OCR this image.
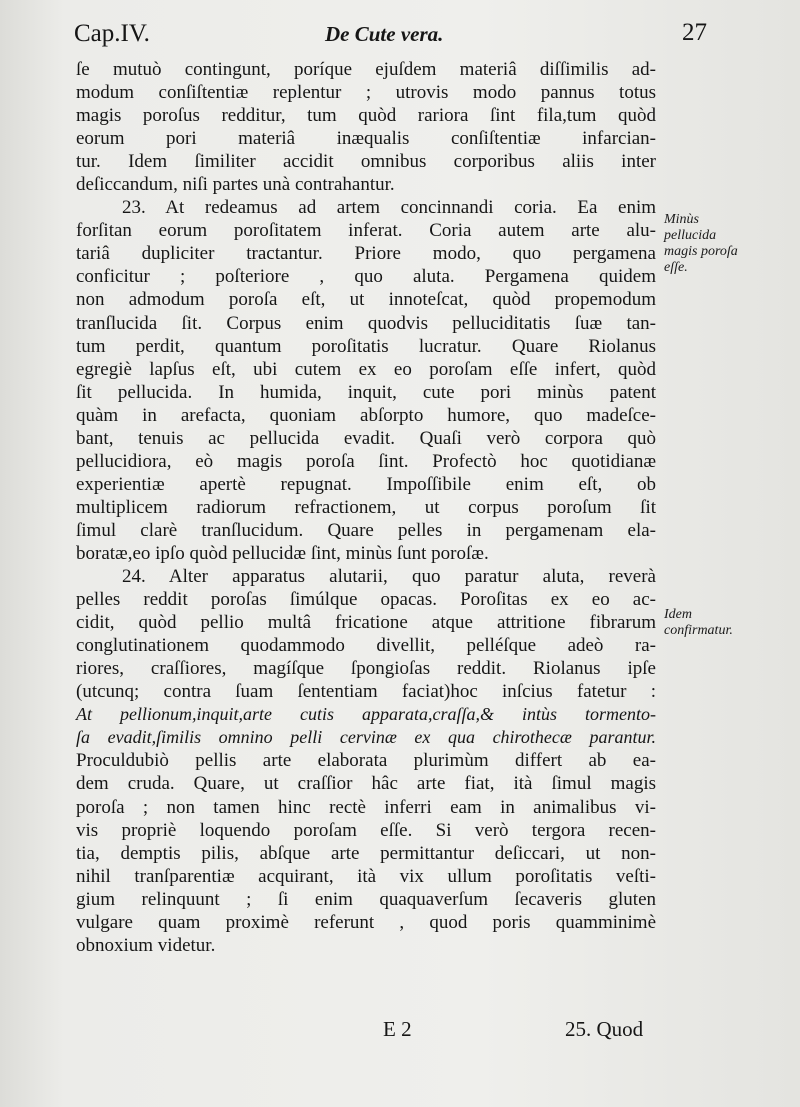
Cap.IV.	De Cute vera.	27
ſe mutuò contingunt, poríque ejuſdem materiâ diſſimilis ad-
modum conſiſtentiæ replentur ; utrovis modo pannus totus
magis poroſus redditur, tum quòd rariora ſint fila,tum quòd
eorum pori materiâ inæqualis conſiſtentiæ infarcian-
tur. Idem ſimiliter accidit omnibus corporibus aliis inter
deſiccandum, niſi partes unà contrahantur.
23. At redeamus ad artem concinnandi coria. Ea enim
forſitan eorum poroſitatem inferat. Coria autem arte alu-
tariâ dupliciter tractantur. Priore modo, quo pergamena
conficitur ; poſteriore , quo aluta. Pergamena quidem
non admodum poroſa eſt, ut innoteſcat, quòd propemodum
tranſlucida ſit. Corpus enim quodvis pelluciditatis ſuæ tan-
tum perdit, quantum poroſitatis lucratur. Quare Riolanus
egregiè lapſus eſt, ubi cutem ex eo poroſam eſſe infert, quòd
ſit pellucida. In humida, inquit, cute pori minùs patent
quàm in arefacta, quoniam abſorpto humore, quo madeſce-
bant, tenuis ac pellucida evadit. Quaſi verò corpora quò
pellucidiora, eò magis poroſa ſint. Profectò hoc quotidianæ
experientiæ apertè repugnat. Impoſſibile enim eſt, ob
multiplicem radiorum refractionem, ut corpus poroſum ſit
ſimul clarè tranſlucidum. Quare pelles in pergamenam ela-
boratæ,eo ipſo quòd pellucidæ ſint, minùs ſunt poroſæ.
24. Alter apparatus alutarii, quo paratur aluta, reverà
pelles reddit poroſas ſimúlque opacas. Poroſitas ex eo ac-
cidit, quòd pellio multâ fricatione atque attritione fibrarum
conglutinationem quodammodo divellit, pelléſque adeò ra-
riores, craſſiores, magíſque ſpongioſas reddit. Riolanus ipſe
(utcunq; contra ſuam ſententiam faciat)hoc inſcius fatetur :
At pellionum,inquit,arte cutis apparata,craſſa,& intùs tormento-
ſa evadit,ſimilis omnino pelli cervinæ ex qua chirothecæ parantur.
Proculdubiò pellis arte elaborata plurimùm differt ab ea-
dem cruda. Quare, ut craſſior hâc arte fiat, ità ſimul magis
poroſa ; non tamen hinc rectè inferri eam in animalibus vi-
vis propriè loquendo poroſam eſſe. Si verò tergora recen-
tia, demptis pilis, abſque arte permittantur deſiccari, ut non-
nihil tranſparentiæ acquirant, ità vix ullum poroſitatis veſti-
gium relinquunt ; ſi enim quaquaverſum ſecaveris gluten
vulgare quam proximè referunt , quod poris quamminimè
obnoxium videtur.
Minùs pellucida magis poroſa eſſe.
Idem confirmatur.
E 2	25. Quod
